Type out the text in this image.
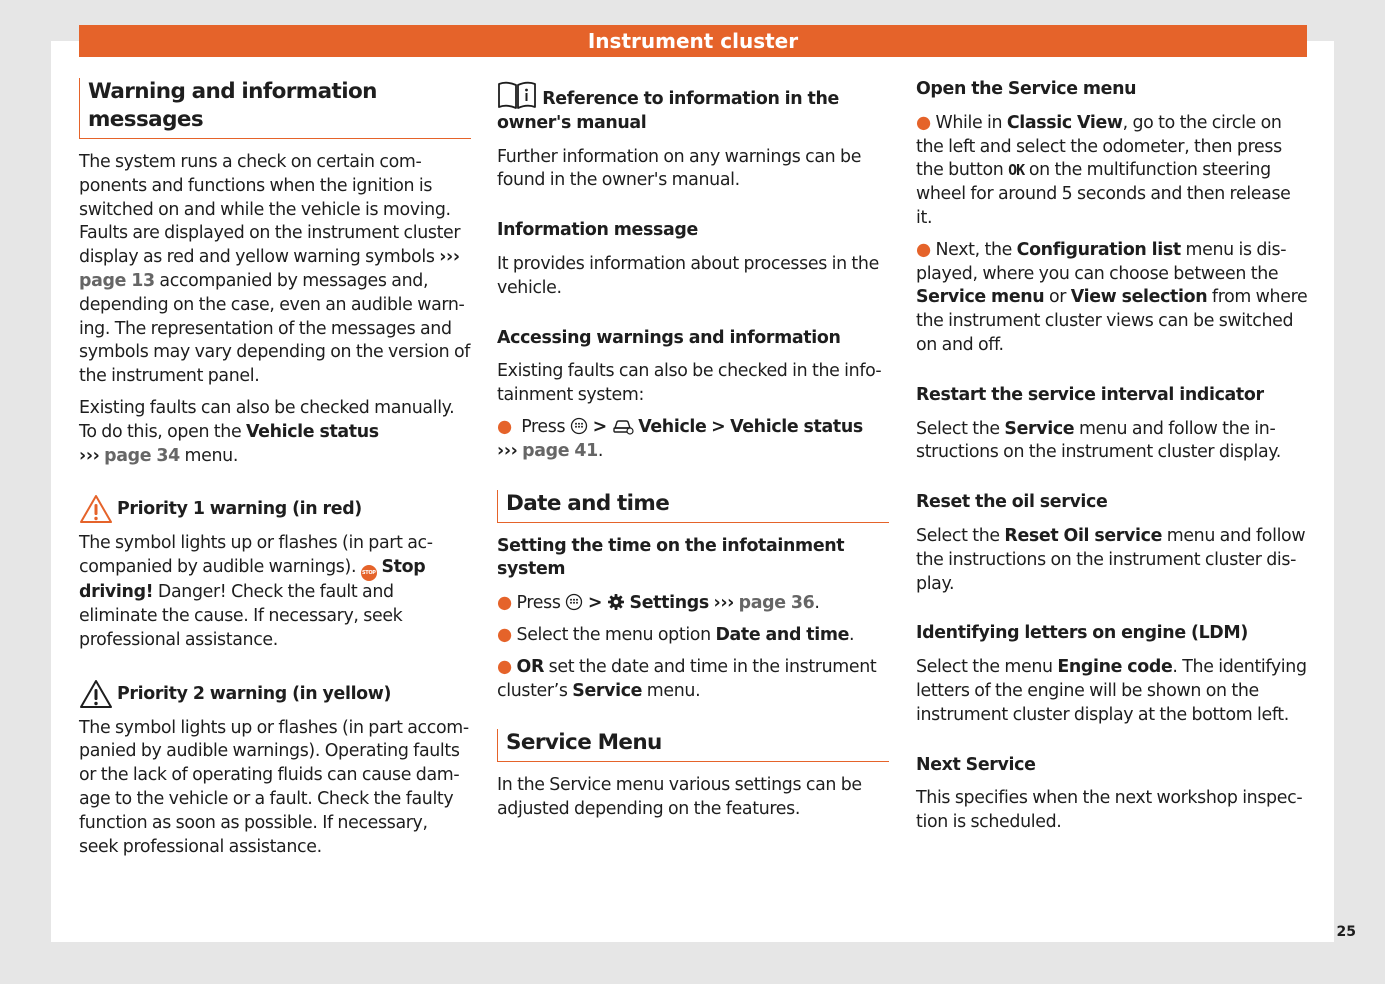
Instrument cluster
Warning and information messages

The system runs a check on certain components and functions when the ignition is switched on and while the vehicle is moving. Faults are displayed on the instrument cluster display as red and yellow warning symbols ››› page 13 accompanied by messages and, depending on the case, even an audible warning. The representation of the messages and symbols may vary depending on the version of the instrument panel.

Existing faults can also be checked manually. To do this, open the Vehicle status
››› page 34 menu.

Priority 1 warning (in red)

The symbol lights up or flashes (in part accompanied by audible warnings). STOP Stop driving! Danger! Check the fault and eliminate the cause. If necessary, seek professional assistance.

Priority 2 warning (in yellow)

The symbol lights up or flashes (in part accompanied by audible warnings). Operating faults or the lack of operating fluids can cause damage to the vehicle or a fault. Check the faulty function as soon as possible. If necessary, seek professional assistance.

Reference to information in the owner's manual

Further information on any warnings can be found in the owner's manual.

Information message

It provides information about processes in the vehicle.

Accessing warnings and information

Existing faults can also be checked in the infotainment system:

● Press > Vehicle > Vehicle status
››› page 41.

Date and time
Setting the time on the infotainment system

● Press > Settings ››› page 36.

● Select the menu option Date and time.

● OR set the date and time in the instrument cluster’s Service menu.

Service Menu

In the Service menu various settings can be adjusted depending on the features.

Open the Service menu

● While in Classic View, go to the circle on the left and select the odometer, then press the button OK on the multifunction steering wheel for around 5 seconds and then release it.

● Next, the Configuration list menu is displayed, where you can choose between the Service menu or View selection from where the instrument cluster views can be switched on and off.

Restart the service interval indicator

Select the Service menu and follow the instructions on the instrument cluster display.

Reset the oil service

Select the Reset Oil service menu and follow the instructions on the instrument cluster display.

Identifying letters on engine (LDM)

Select the menu Engine code. The identifying letters of the engine will be shown on the instrument cluster display at the bottom left.

Next Service

This specifies when the next workshop inspection is scheduled.

25
